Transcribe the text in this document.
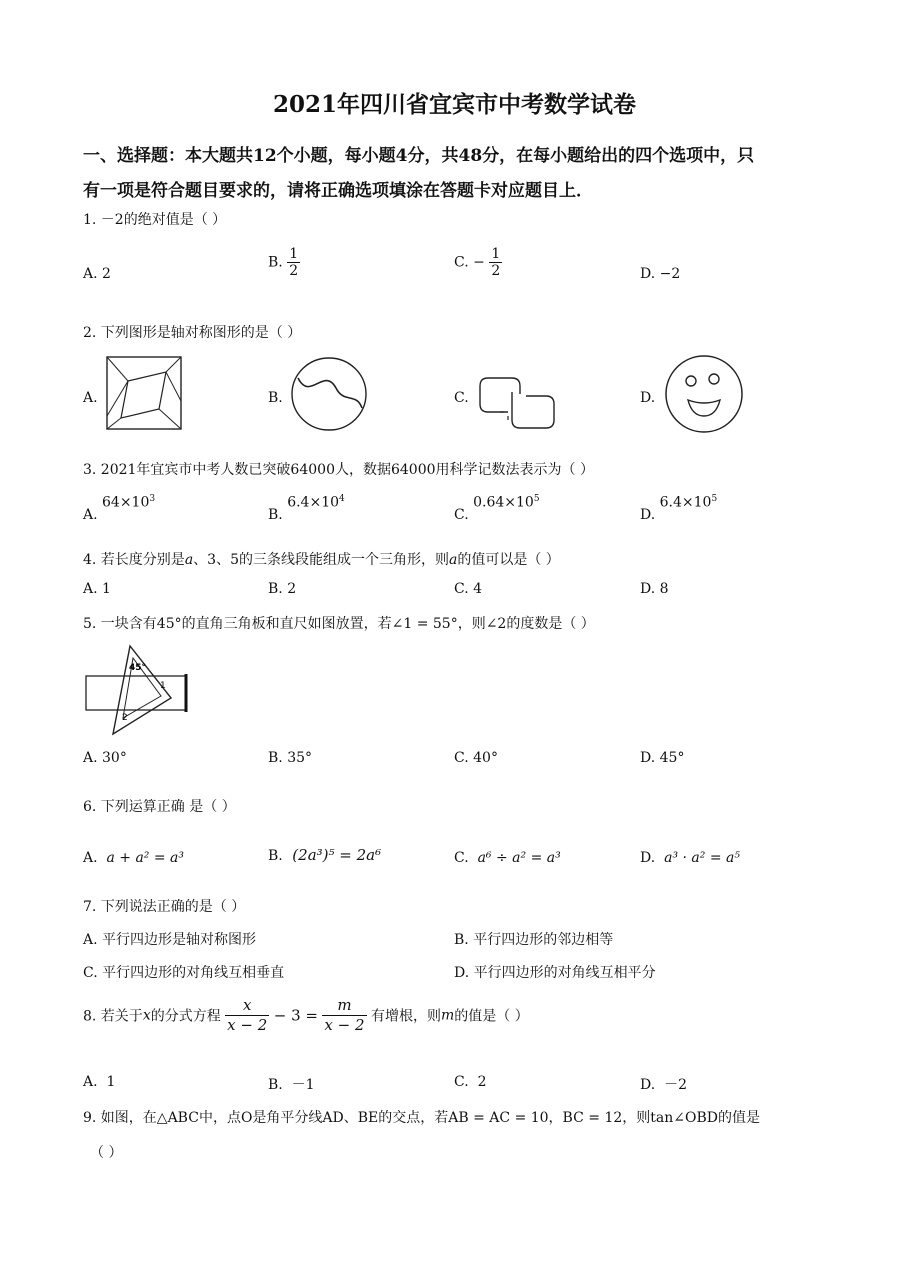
2021年四川省宜宾市中考数学试卷
一、选择题：本大题共12个小题，每小题4分，共48分，在每小题给出的四个选项中，只
有一项是符合题目要求的，请将正确选项填涂在答题卡对应题目上．
1. －2的绝对值是（ ）
A. 2
B. $\frac{1}{2}$	C. − $\frac{1}{2}$	D. −2
2. 下列图形是轴对称图形的是（ ）
A.	B.	C.	D.
3. 2021年宜宾市中考人数已突破64000人，数据64000用科学记数法表示为（ ）
A. $64\times 10^3$
B. $6.4\times 10^4$
C. $0.64\times 10^5$
D. $6.4\times 10^5$
4. 若长度分别是a、3、5的三条线段能组成一个三角形，则a的值可以是（ ）
A. 1	B. 2	C. 4	D. 8
5. 一块含有45°的直角三角板和直尺如图放置，若∠1 = 55°，则∠2的度数是（ ）
45°
1
2
A. 30°	B. 35°	C. 40°	D. 45°
6. 下列运算正确 是（ ）
A. a + a² = a³	B. (2a³)⁵ = 2a⁶	C. a⁶ ÷ a² = a³	D. a³ · a² = a⁵
7. 下列说法正确的是（ ）
A. 平行四边形是轴对称图形	B. 平行四边形的邻边相等
C. 平行四边形的对角线互相垂直	D. 平行四边形的对角线互相平分
8. 若关于x的分式方程 $\frac{x}{x - 2} - 3 = \frac{m}{x - 2}$ 有增根，则m的值是（ ）
A. 1	B. －1	C. 2	D. －2
9. 如图，在△ABC中，点O是角平分线AD、BE的交点，若AB = AC = 10，BC = 12，则tan∠OBD的值是
（ ）
